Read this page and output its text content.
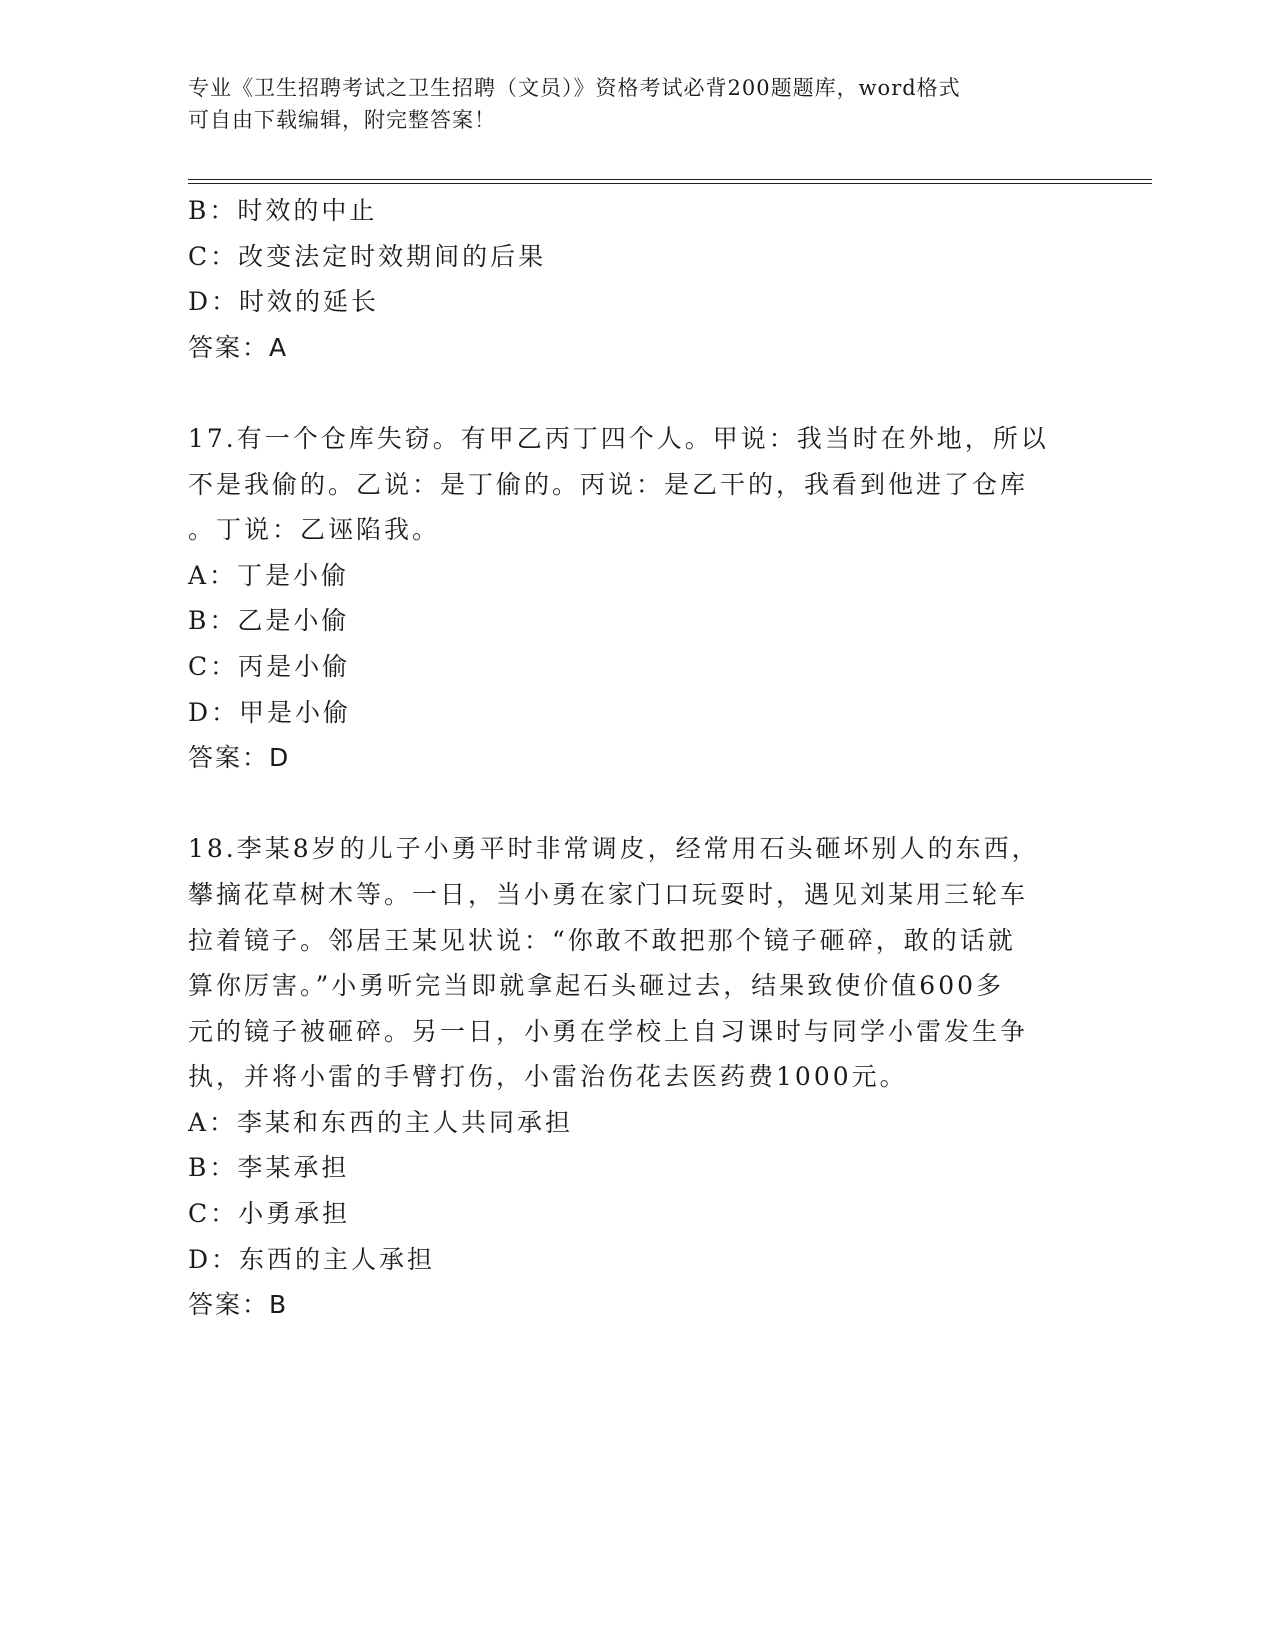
专业《卫生招聘考试之卫生招聘（文员）》资格考试必背200题题库，word格式
可自由下载编辑，附完整答案！
B：时效的中止
C：改变法定时效期间的后果
D：时效的延长
答案：A
17.有一个仓库失窃。有甲乙丙丁四个人。甲说：我当时在外地，所以
不是我偷的。乙说：是丁偷的。丙说：是乙干的，我看到他进了仓库
。丁说：乙诬陷我。
A：丁是小偷
B：乙是小偷
C：丙是小偷
D：甲是小偷
答案：D
18.李某8岁的儿子小勇平时非常调皮，经常用石头砸坏别人的东西，
攀摘花草树木等。一日，当小勇在家门口玩耍时，遇见刘某用三轮车
拉着镜子。邻居王某见状说：“你敢不敢把那个镜子砸碎，敢的话就
算你厉害。”小勇听完当即就拿起石头砸过去，结果致使价值600多
元的镜子被砸碎。另一日，小勇在学校上自习课时与同学小雷发生争
执，并将小雷的手臂打伤，小雷治伤花去医药费1000元。
A：李某和东西的主人共同承担
B：李某承担
C：小勇承担
D：东西的主人承担
答案：B
